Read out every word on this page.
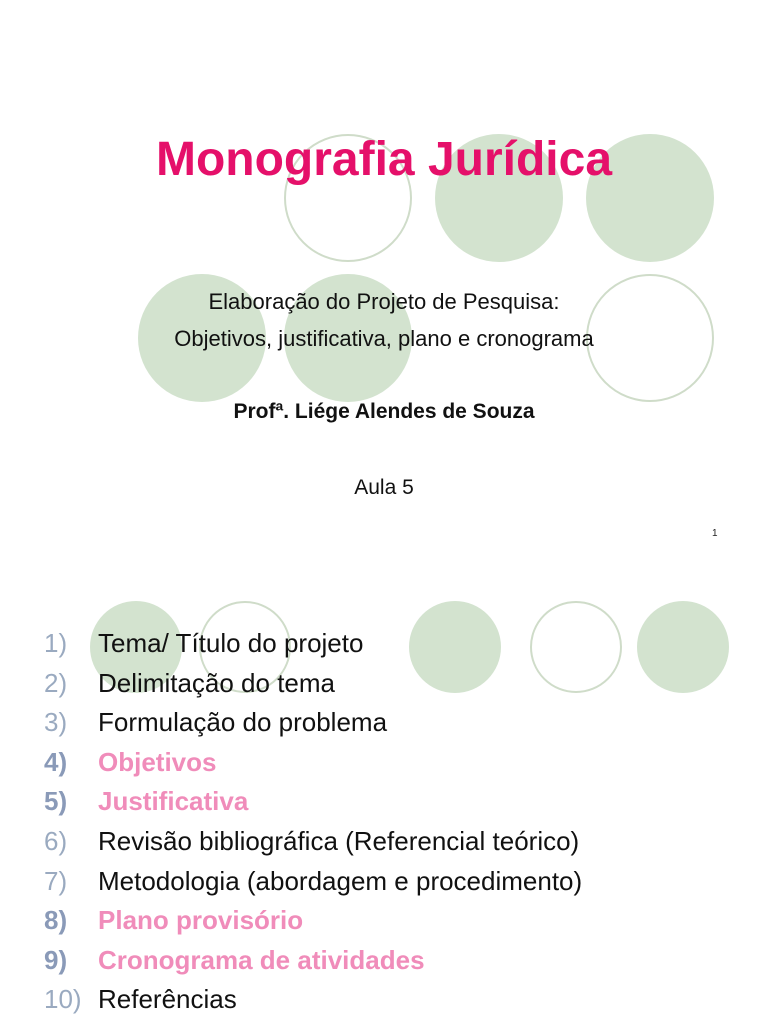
Monografia Jurídica
Elaboração do Projeto de Pesquisa:
Objetivos, justificativa, plano e cronograma
Profª. Liége Alendes de Souza
Aula 5
1
1) Tema/ Título do projeto
2) Delimitação do tema
3) Formulação do problema
4) Objetivos
5) Justificativa
6) Revisão bibliográfica (Referencial teórico)
7) Metodologia (abordagem e procedimento)
8) Plano provisório
9) Cronograma de atividades
10) Referências
